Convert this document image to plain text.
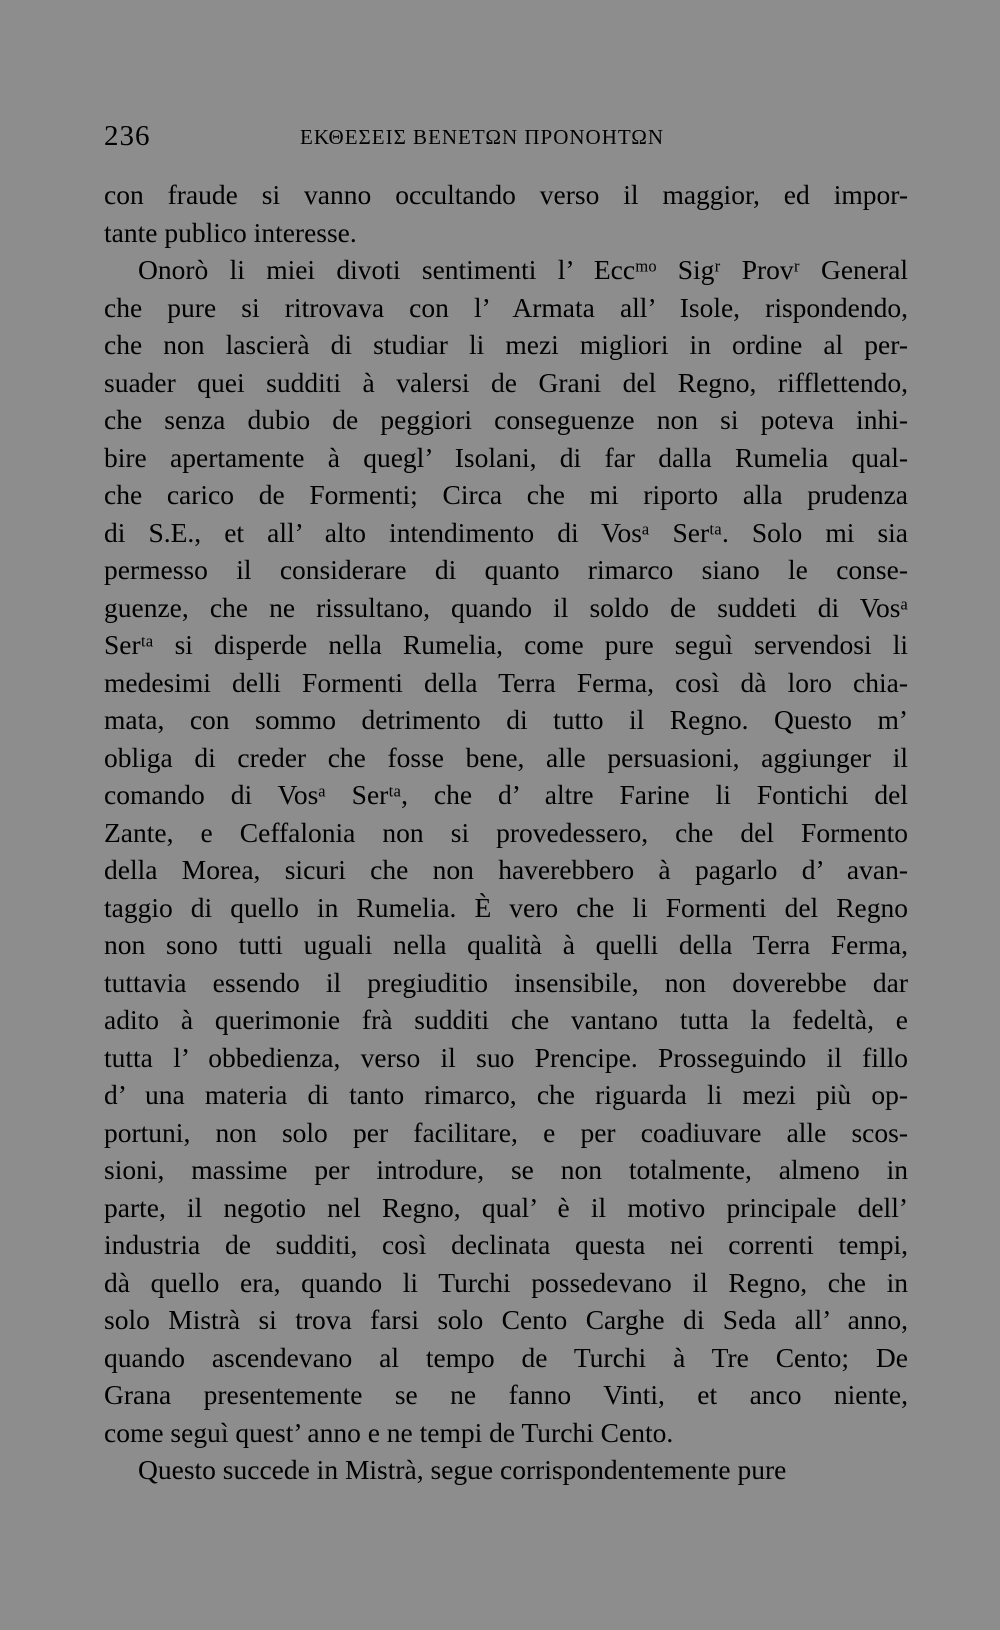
236	ΕΚΘΕΣΕΙΣ ΒΕΝΕΤΩΝ ΠΡΟΝΟΗΤΩΝ
con fraude si vanno occultando verso il maggior, ed impor-
tante publico interesse.
Onorò li miei divoti sentimenti l’ Eccᵐᵒ Sigʳ Provʳ General
che pure si ritrovava con l’ Armata all’ Isole, rispondendo,
che non lascierà di studiar li mezi migliori in ordine al per-
suader quei sudditi à valersi de Grani del Regno, rifflettendo,
che senza dubio de peggiori conseguenze non si poteva inhi-
bire apertamente à quegl’ Isolani, di far dalla Rumelia qual-
che carico de Formenti; Circa che mi riporto alla prudenza
di S.E., et all’ alto intendimento di Vosᵃ Serᵗᵃ. Solo mi sia
permesso il considerare di quanto rimarco siano le conse-
guenze, che ne rissultano, quando il soldo de suddeti di Vosᵃ
Serᵗᵃ si disperde nella Rumelia, come pure seguì servendosi li
medesimi delli Formenti della Terra Ferma, così dà loro chia-
mata, con sommo detrimento di tutto il Regno. Questo m’
obliga di creder che fosse bene, alle persuasioni, aggiunger il
comando di Vosᵃ Serᵗᵃ, che d’ altre Farine li Fontichi del
Zante, e Ceffalonia non si provedessero, che del Formento
della Morea, sicuri che non haverebbero à pagarlo d’ avan-
taggio di quello in Rumelia. È vero che li Formenti del Regno
non sono tutti uguali nella qualità à quelli della Terra Ferma,
tuttavia essendo il pregiuditio insensibile, non doverebbe dar
adito à querimonie frà sudditi che vantano tutta la fedeltà, e
tutta l’ obbedienza, verso il suo Prencipe. Prosseguindo il fillo
d’ una materia di tanto rimarco, che riguarda li mezi più op-
portuni, non solo per facilitare, e per coadiuvare alle scos-
sioni, massime per introdure, se non totalmente, almeno in
parte, il negotio nel Regno, qual’ è il motivo principale dell’
industria de sudditi, così declinata questa nei correnti tempi,
dà quello era, quando li Turchi possedevano il Regno, che in
solo Mistrà si trova farsi solo Cento Carghe di Seda all’ anno,
quando ascendevano al tempo de Turchi à Tre Cento; De
Grana presentemente se ne fanno Vinti, et anco niente,
come seguì quest’ anno e ne tempi de Turchi Cento.
Questo succede in Mistrà, segue corrispondentemente pure
